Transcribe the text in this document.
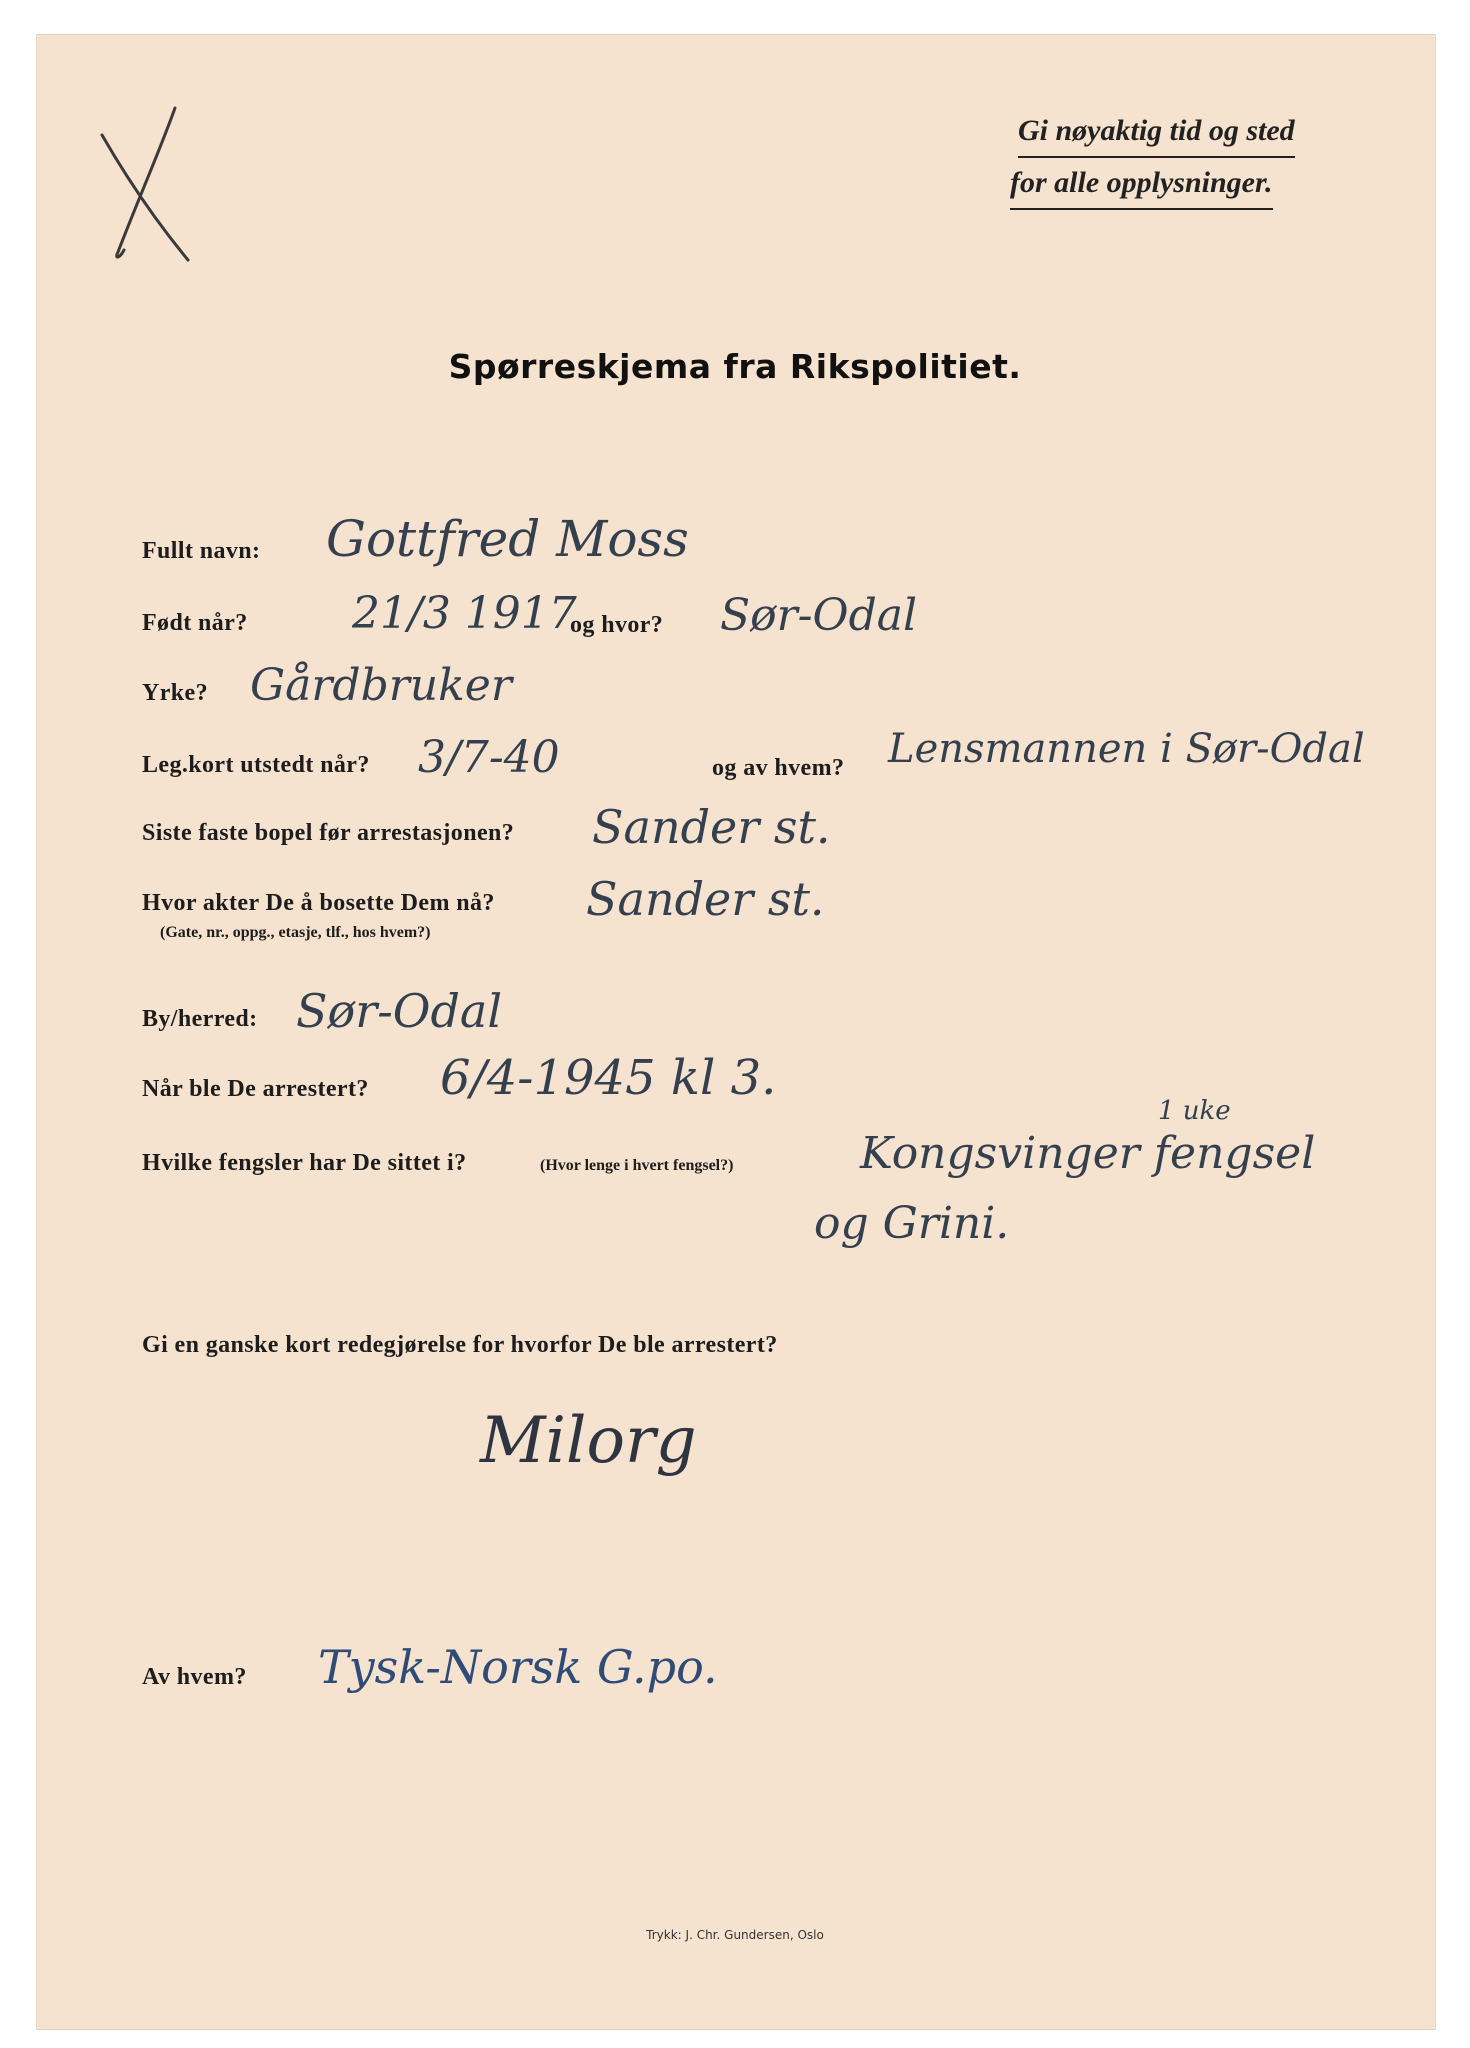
Gi nøyaktig tid og sted
for alle opplysninger.
Spørreskjema fra Rikspolitiet.
Fullt navn: Gottfred Moss
Født når? 21/3 1917
og hvor? Sør-Odal
Yrke? Gårdbruker
Leg.kort utstedt når? 3/7-40	og av hvem? Lensmannen i Sør-Odal
Siste faste bopel før arrestasjonen? Sander st.
Hvor akter De å bosette Dem nå?
(Gate, nr., oppg., etasje, tlf., hos hvem?)
Sander st.
By/herred: Sør-Odal
Når ble De arrestert? 6/4-1945 kl 3.
Hvilke fengsler har De sittet i?	(Hvor lenge i hvert fengsel?)
1 uke
Kongsvinger fengsel
og Grini.
Gi en ganske kort redegjørelse for hvorfor De ble arrestert?
Milorg
Av hvem? Tysk-Norsk G.po.
Trykk: J. Chr. Gundersen, Oslo
